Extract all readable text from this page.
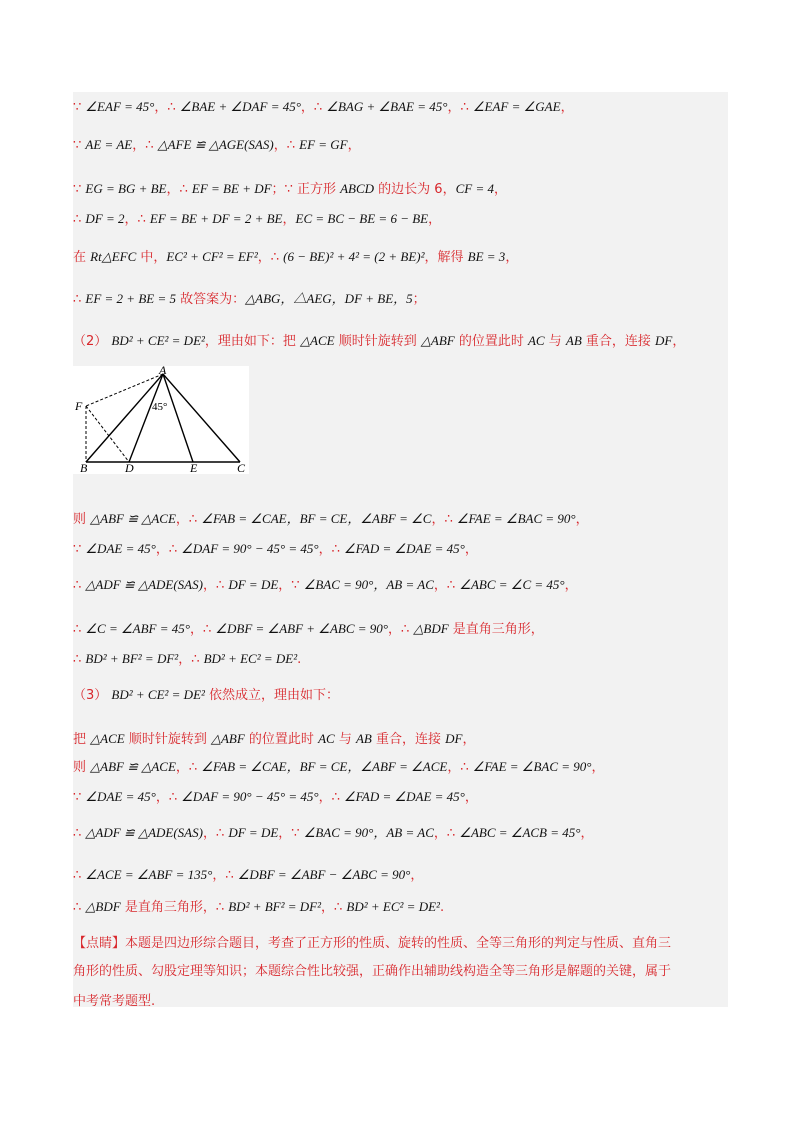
∵ ∠EAF = 45°，∴ ∠BAE + ∠DAF = 45°，∴ ∠BAG + ∠BAE = 45°，∴ ∠EAF = ∠GAE，
∵ AE = AE，∴ △AFE ≌ △AGE(SAS)，∴ EF = GF，
∵ EG = BG + BE，∴ EF = BE + DF；∵ 正方形 ABCD 的边长为 6，CF = 4，
∴ DF = 2，∴ EF = BE + DF = 2 + BE，EC = BC − BE = 6 − BE，
在 Rt△EFC 中，EC² + CF² = EF²，∴ (6 − BE)² + 4² = (2 + BE)²，解得 BE = 3，
∴ EF = 2 + BE = 5 故答案为：△ABG，△AEG，DF + BE，5；
（2） BD² + CE² = DE²，理由如下：把 △ACE 顺时针旋转到 △ABF 的位置此时 AC 与 AB 重合，连接 DF，
A
F
B	D	E	C
45°
则 △ABF ≌ △ACE，∴ ∠FAB = ∠CAE，BF = CE，∠ABF = ∠C，∴ ∠FAE = ∠BAC = 90°，
∵ ∠DAE = 45°，∴ ∠DAF = 90° − 45° = 45°，∴ ∠FAD = ∠DAE = 45°，
∴ △ADF ≌ △ADE(SAS)，∴ DF = DE，∵ ∠BAC = 90°，AB = AC，∴ ∠ABC = ∠C = 45°，
∴ ∠C = ∠ABF = 45°，∴ ∠DBF = ∠ABF + ∠ABC = 90°，∴ △BDF 是直角三角形，
∴ BD² + BF² = DF²，∴ BD² + EC² = DE².
（3） BD² + CE² = DE² 依然成立，理由如下：
把 △ACE 顺时针旋转到 △ABF 的位置此时 AC 与 AB 重合，连接 DF，
则 △ABF ≌ △ACE，∴ ∠FAB = ∠CAE，BF = CE，∠ABF = ∠ACE，∴ ∠FAE = ∠BAC = 90°，
∵ ∠DAE = 45°，∴ ∠DAF = 90° − 45° = 45°，∴ ∠FAD = ∠DAE = 45°，
∴ △ADF ≌ △ADE(SAS)，∴ DF = DE，∵ ∠BAC = 90°，AB = AC，∴ ∠ABC = ∠ACB = 45°，
∴ ∠ACE = ∠ABF = 135°，∴ ∠DBF = ∠ABF − ∠ABC = 90°，
∴ △BDF 是直角三角形，∴ BD² + BF² = DF²，∴ BD² + EC² = DE².
【点睛】本题是四边形综合题目，考查了正方形的性质、旋转的性质、全等三角形的判定与性质、直角三
角形的性质、勾股定理等知识；本题综合性比较强，正确作出辅助线构造全等三角形是解题的关键，属于
中考常考题型.
